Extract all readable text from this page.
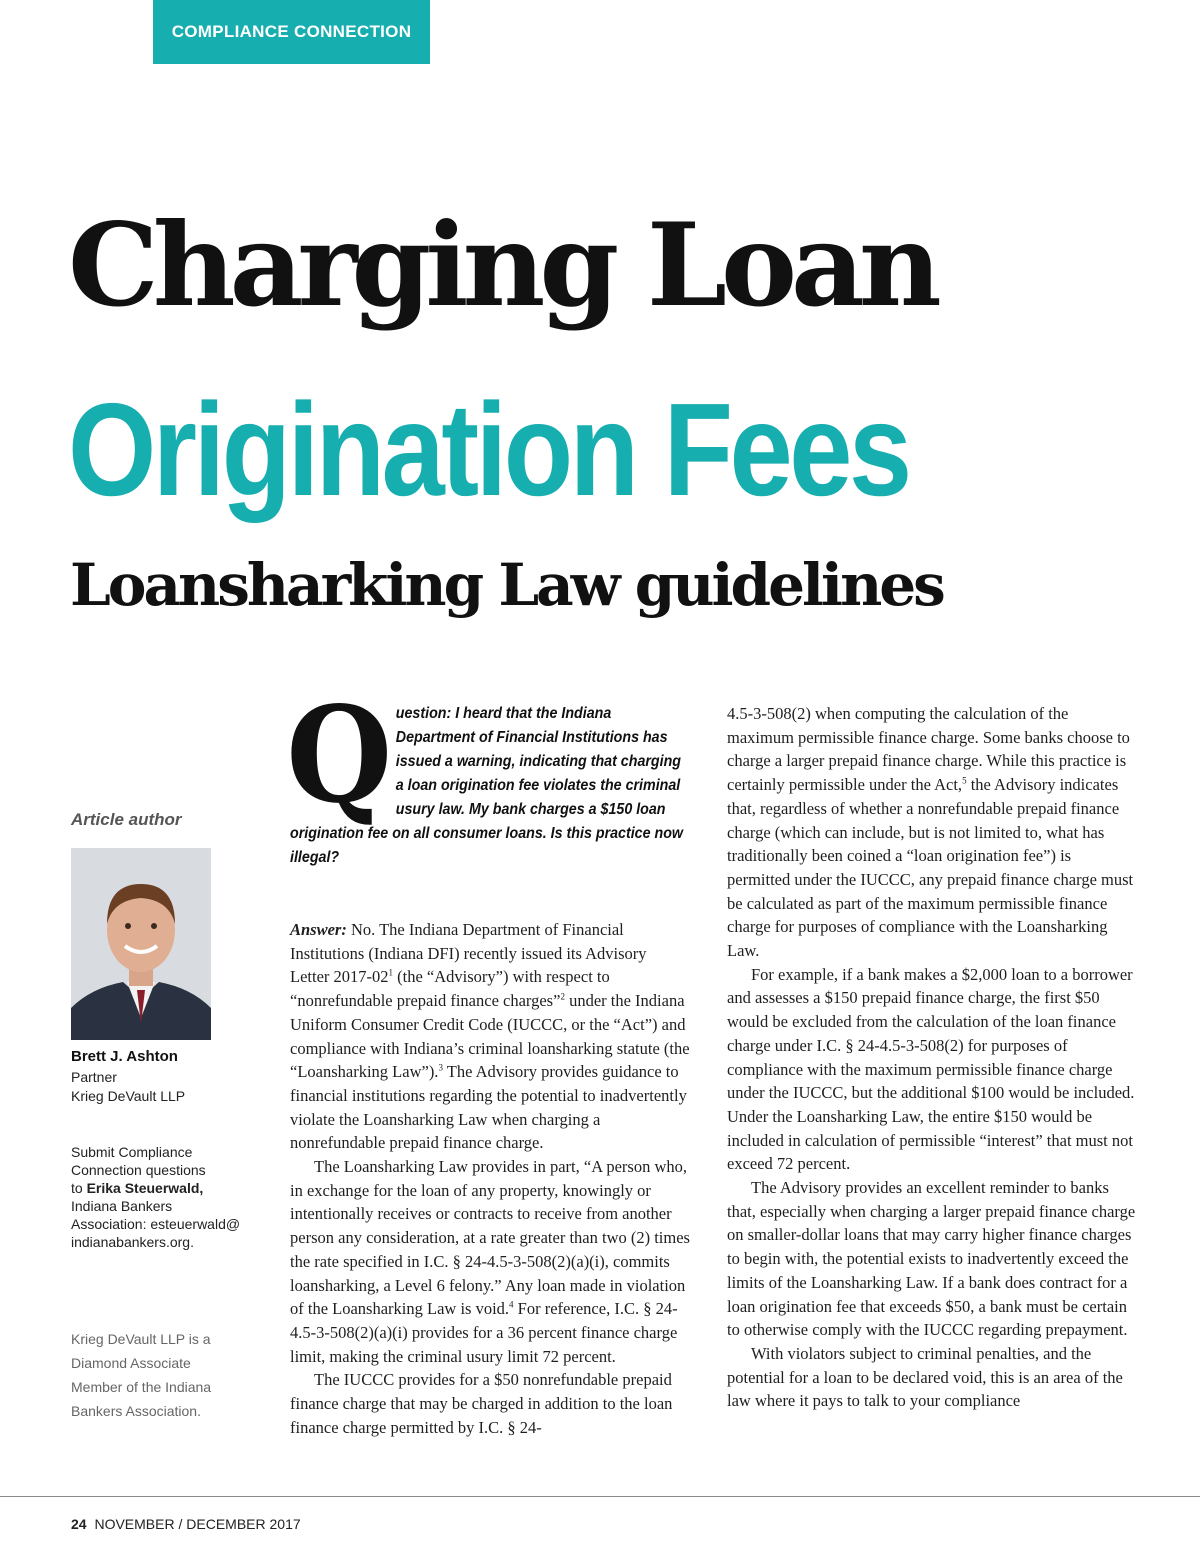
COMPLIANCE CONNECTION
Charging Loan
Origination Fees
Loansharking Law guidelines
Article author
Brett J. Ashton
Partner
Krieg DeVault LLP

Submit Compliance

Connection questions

to Erika Steuerwald,

Indiana Bankers

Association: esteuerwald@

indianabankers.org.

Krieg DeVault LLP is a

Diamond Associate

Member of the Indiana

Bankers Association.

Question: I heard that the Indiana Department of Financial Institutions has issued a warning, indicating that charging a loan origination fee violates the criminal usury law. My bank charges a $150 loan origination fee on all consumer loans. Is this practice now illegal?

Answer: No. The Indiana Department of Financial Institutions (Indiana DFI) recently issued its Advisory Letter $2017-02^1$ (the “Advisory”) with respect to “nonrefundable prepaid finance charges”$^2$ under the Indiana Uniform Consumer Credit Code (IUCCC, or the “Act”) and compliance with Indiana’s criminal loansharking statute (the “Loansharking Law”).$^3$ The Advisory provides guidance to financial institutions regarding the potential to inadvertently violate the Loansharking Law when charging a nonrefundable prepaid finance charge.

The Loansharking Law provides in part, “A person who, in exchange for the loan of any property, knowingly or intentionally receives or contracts to receive from another person any consideration, at a rate greater than two (2) times the rate specified in I.C. § 24-4.5-3-508(2)(a)(i), commits loansharking, a Level 6 felony.” Any loan made in violation of the Loansharking Law is void.$^4$ For reference, I.C. § 24-4.5-3-508(2)(a)(i) provides for a 36 percent finance charge limit, making the criminal usury limit 72 percent.

The IUCCC provides for a $50 nonrefundable prepaid finance charge that may be charged in addition to the loan finance charge permitted by I.C. § 24-

4.5-3-508(2) when computing the calculation of the maximum permissible finance charge. Some banks choose to charge a larger prepaid finance charge. While this practice is certainly permissible under the Act,$^5$ the Advisory indicates that, regardless of whether a nonrefundable prepaid finance charge (which can include, but is not limited to, what has traditionally been coined a “loan origination fee”) is permitted under the IUCCC, any prepaid finance charge must be calculated as part of the maximum permissible finance charge for purposes of compliance with the Loansharking Law.

For example, if a bank makes a $2,000 loan to a borrower and assesses a $150 prepaid finance charge, the first $50 would be excluded from the calculation of the loan finance charge under I.C. § 24-4.5-3-508(2) for purposes of compliance with the maximum permissible finance charge under the IUCCC, but the additional $100 would be included. Under the Loansharking Law, the entire $150 would be included in calculation of permissible “interest” that must not exceed 72 percent.

The Advisory provides an excellent reminder to banks that, especially when charging a larger prepaid finance charge on smaller-dollar loans that may carry higher finance charges to begin with, the potential exists to inadvertently exceed the limits of the Loansharking Law. If a bank does contract for a loan origination fee that exceeds $50, a bank must be certain to otherwise comply with the IUCCC regarding prepayment.

With violators subject to criminal penalties, and the potential for a loan to be declared void, this is an area of the law where it pays to talk to your compliance

24 NOVEMBER / DECEMBER 2017
